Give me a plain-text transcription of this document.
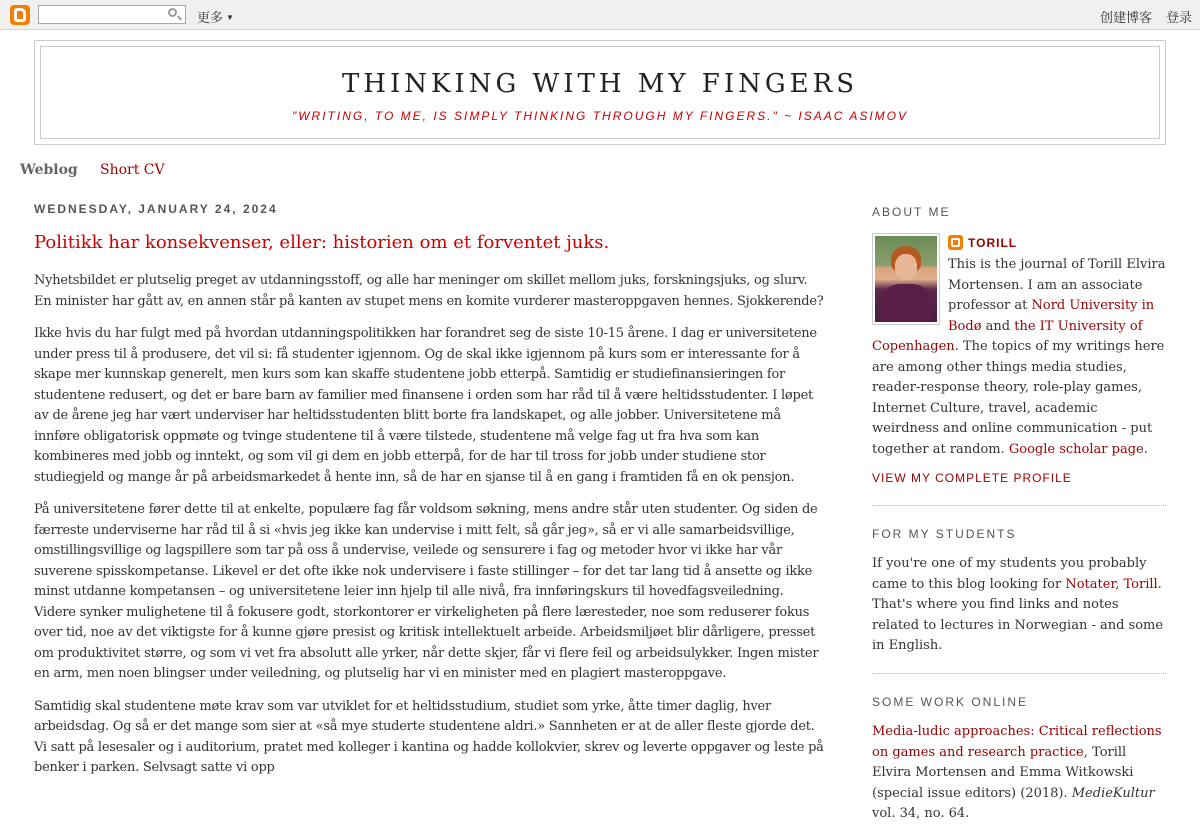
更多 ▼	创建博客 登录
THINKING WITH MY FINGERS
"WRITING, TO ME, IS SIMPLY THINKING THROUGH MY FINGERS." ~ ISAAC ASIMOV
Weblog Short CV
WEDNESDAY, JANUARY 24, 2024
Politikk har konsekvenser, eller: historien om et forventet juks.

Nyhetsbildet er plutselig preget av utdanningsstoff, og alle har meninger om skillet mellom juks, forskningsjuks, og slurv. En minister har gått av, en annen står på kanten av stupet mens en komite vurderer masteroppgaven hennes. Sjokkerende?

Ikke hvis du har fulgt med på hvordan utdanningspolitikken har forandret seg de siste 10-15 årene. I dag er universitetene under press til å produsere, det vil si: få studenter igjennom. Og de skal ikke igjennom på kurs som er interessante for å skape mer kunnskap generelt, men kurs som kan skaffe studentene jobb etterpå. Samtidig er studiefinansieringen for studentene redusert, og det er bare barn av familier med finansene i orden som har råd til å være heltidsstudenter. I løpet av de årene jeg har vært underviser har heltidsstudenten blitt borte fra landskapet, og alle jobber. Universitetene må innføre obligatorisk oppmøte og tvinge studentene til å være tilstede, studentene må velge fag ut fra hva som kan kombineres med jobb og inntekt, og som vil gi dem en jobb etterpå, for de har til tross for jobb under studiene stor studiegjeld og mange år på arbeidsmarkedet å hente inn, så de har en sjanse til å en gang i framtiden få en ok pensjon.

På universitetene fører dette til at enkelte, populære fag får voldsom søkning, mens andre står uten studenter. Og siden de færreste underviserne har råd til å si «hvis jeg ikke kan undervise i mitt felt, så går jeg», så er vi alle samarbeidsvillige, omstillingsvillige og lagspillere som tar på oss å undervise, veilede og sensurere i fag og metoder hvor vi ikke har vår suverene spisskompetanse. Likevel er det ofte ikke nok undervisere i faste stillinger – for det tar lang tid å ansette og ikke minst utdanne kompetansen – og universitetene leier inn hjelp til alle nivå, fra innføringskurs til hovedfagsveiledning. Videre synker mulighetene til å fokusere godt, storkontorer er virkeligheten på flere læresteder, noe som reduserer fokus over tid, noe av det viktigste for å kunne gjøre presist og kritisk intellektuelt arbeide. Arbeidsmiljøet blir dårligere, presset om produktivitet større, og som vi vet fra absolutt alle yrker, når dette skjer, får vi flere feil og arbeidsulykker. Ingen mister en arm, men noen blingser under veiledning, og plutselig har vi en minister med en plagiert masteroppgave.

Samtidig skal studentene møte krav som var utviklet for et heltidsstudium, studiet som yrke, åtte timer daglig, hver arbeidsdag. Og så er det mange som sier at «så mye studerte studentene aldri.» Sannheten er at de aller fleste gjorde det. Vi satt på lesesaler og i auditorium, pratet med kolleger i kantina og hadde kollokvier, skrev og leverte oppgaver og leste på benker i parken. Selvsagt satte vi opp

ABOUT ME
TORILL
This is the journal of Torill Elvira Mortensen. I am an associate professor at Nord University in Bodø and the IT University of Copenhagen. The topics of my writings here are among other things media studies, reader-response theory, role-play games, Internet Culture, travel, academic weirdness and online communication - put together at random. Google scholar page.
VIEW MY COMPLETE PROFILE
FOR MY STUDENTS
If you're one of my students you probably came to this blog looking for Notater, Torill. That's where you find links and notes related to lectures in Norwegian - and some in English.
SOME WORK ONLINE
Media-ludic approaches: Critical reflections on games and research practice, Torill Elvira Mortensen and Emma Witkowski (special issue editors) (2018). MedieKultur vol. 34, no. 64.
